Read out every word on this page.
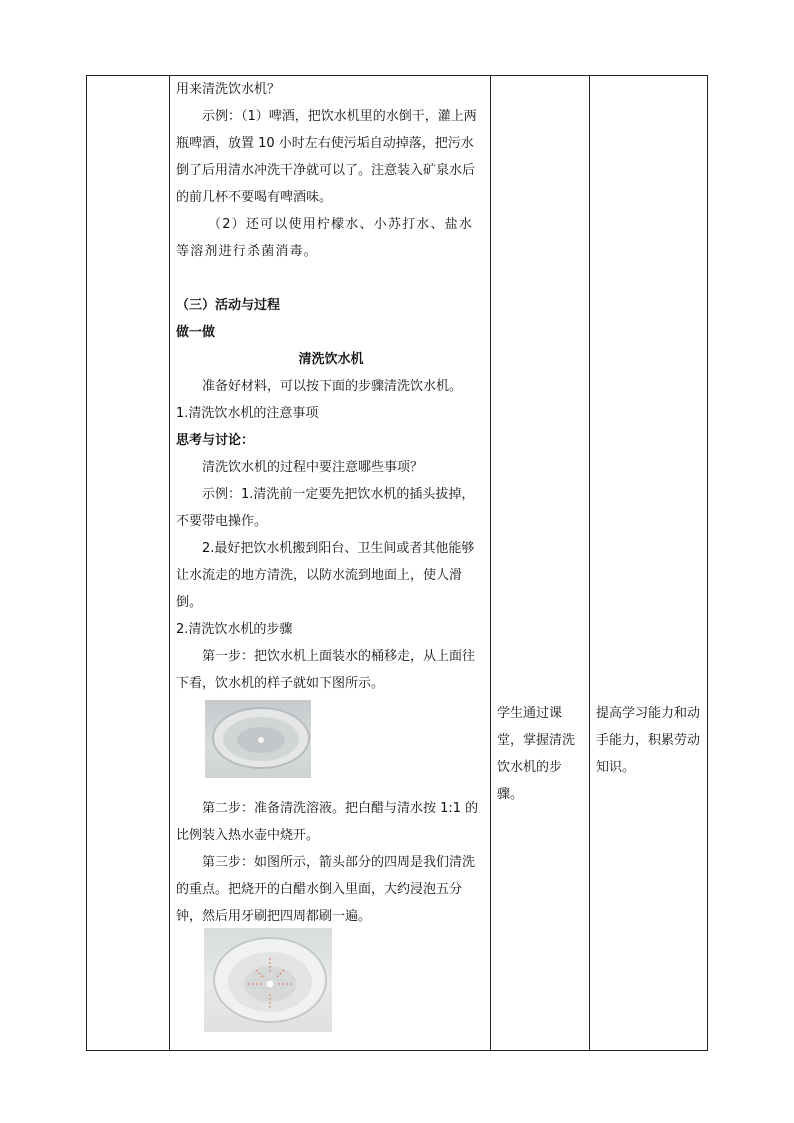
用来清洗饮水机？

示例：（1）啤酒，把饮水机里的水倒干，灌上两瓶啤酒，放置 10 小时左右使污垢自动掉落，把污水倒了后用清水冲洗干净就可以了。注意装入矿泉水后的前几杯不要喝有啤酒味。

（2）还可以使用柠檬水、小苏打水、盐水等溶剂进行杀菌消毒。

（三）活动与过程

做一做

清洗饮水机

准备好材料，可以按下面的步骤清洗饮水机。

1.清洗饮水机的注意事项

思考与讨论：

清洗饮水机的过程中要注意哪些事项？

示例：1.清洗前一定要先把饮水机的插头拔掉，不要带电操作。

2.最好把饮水机搬到阳台、卫生间或者其他能够让水流走的地方清洗，以防水流到地面上，使人滑倒。

2.清洗饮水机的步骤

第一步：把饮水机上面装水的桶移走，从上面往下看，饮水机的样子就如下图所示。

第二步：准备清洗溶液。把白醋与清水按 1:1 的比例装入热水壶中烧开。

第三步：如图所示，箭头部分的四周是我们清洗的重点。把烧开的白醋水倒入里面，大约浸泡五分钟，然后用牙刷把四周都刷一遍。

学生通过课堂，掌握清洗饮水机的步骤。

提高学习能力和动手能力，积累劳动知识。
